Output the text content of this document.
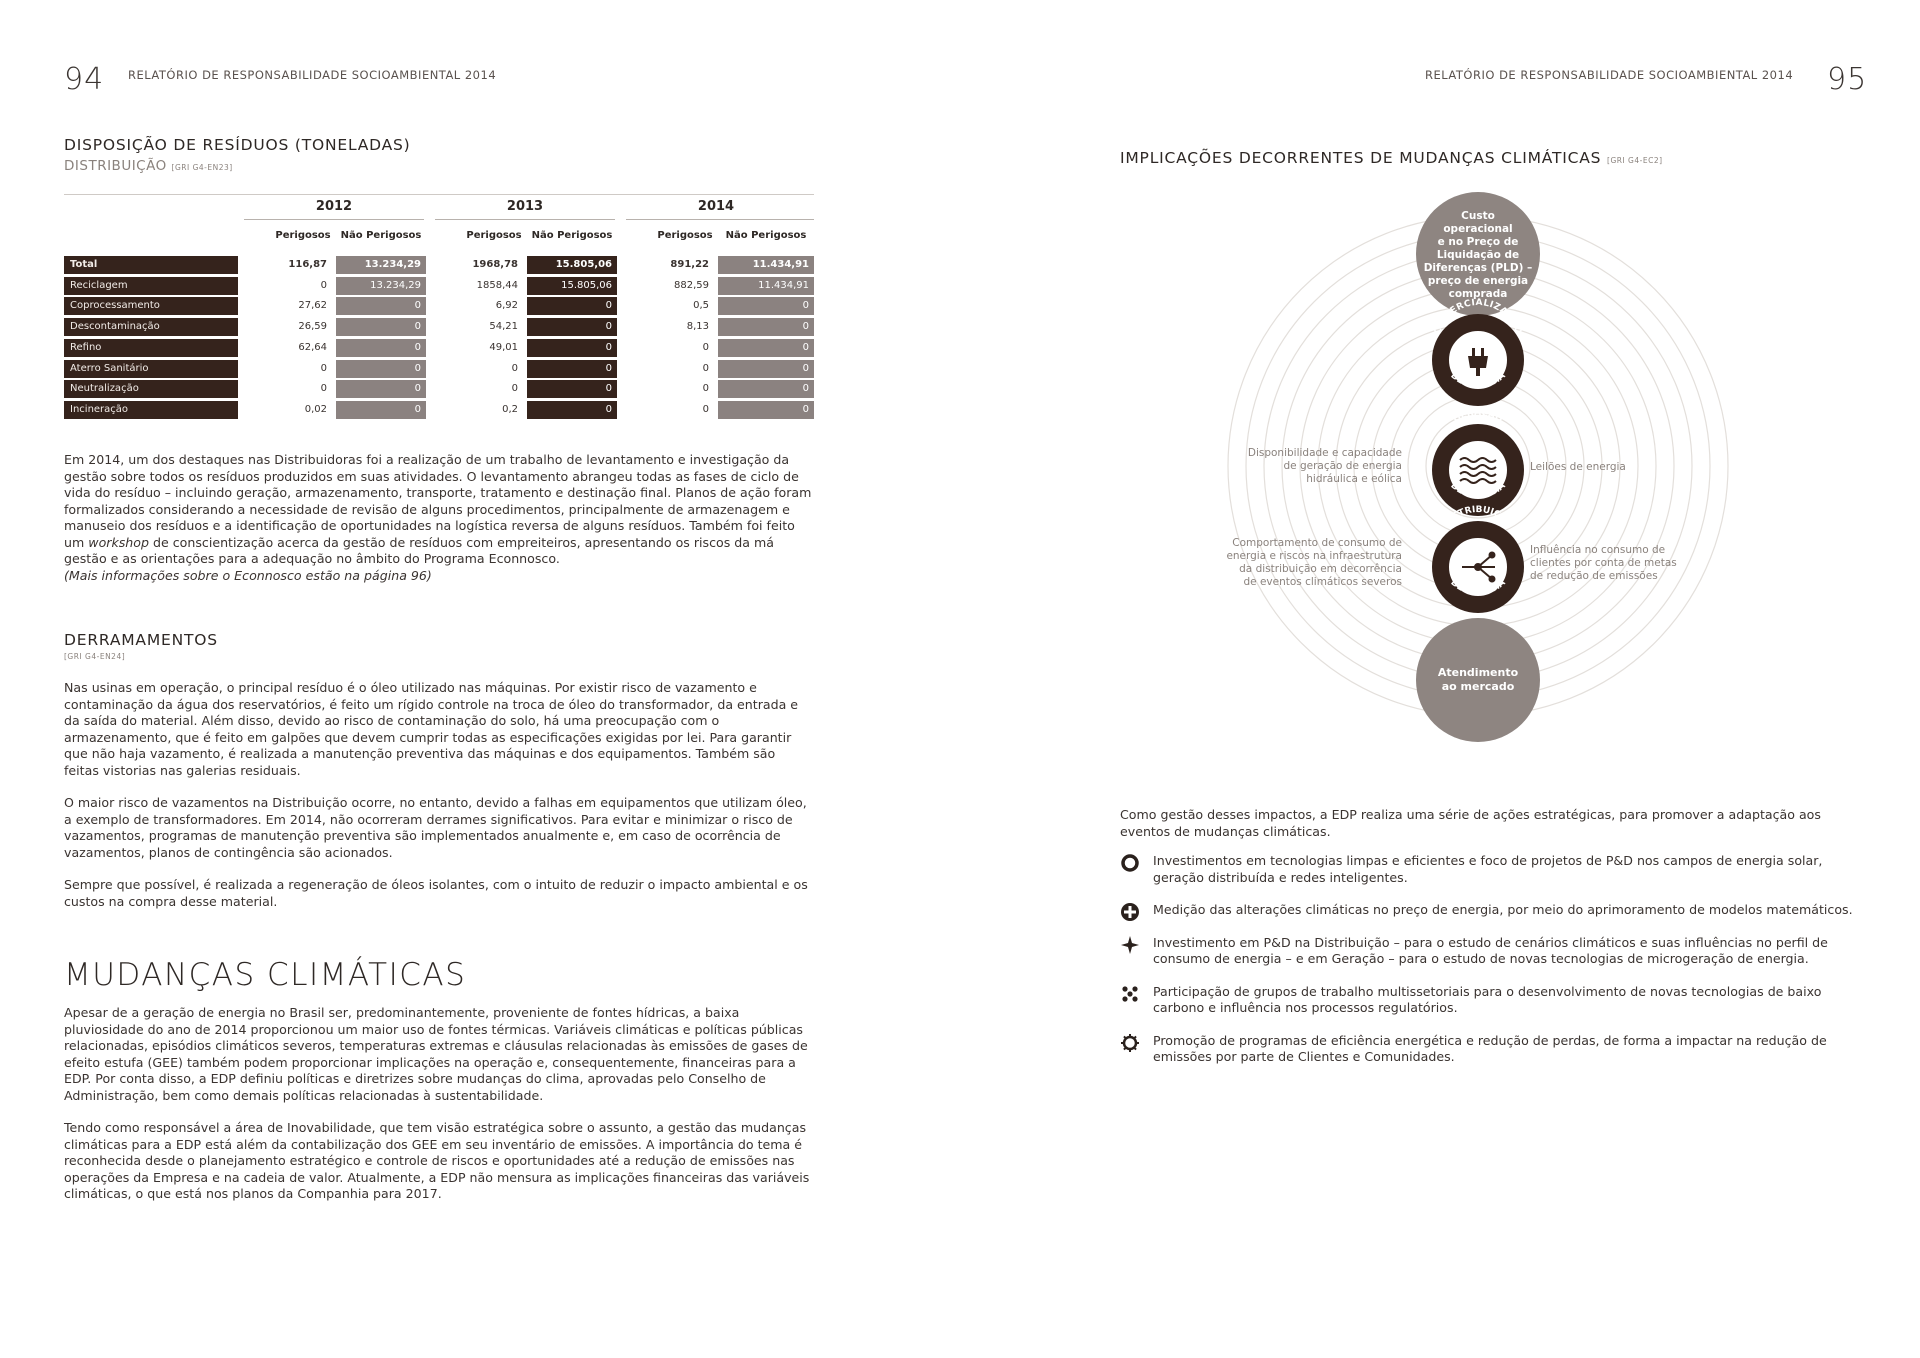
94 RELATÓRIO DE RESPONSABILIDADE SOCIOAMBIENTAL 2014	RELATÓRIO DE RESPONSABILIDADE SOCIOAMBIENTAL 2014 95
DISPOSIÇÃO DE RESÍDUOS (TONELADAS)
DISTRIBUIÇÃO [GRI G4-EN23]
2012	2013	2014
Perigosos Não Perigosos	Perigosos Não Perigosos	Perigosos	Não Perigosos
Total	116,87	13.234,29	1968,78	15.805,06	891,22	11.434,91
Reciclagem	0	13.234,29	1858,44	15.805,06	882,59	11.434,91
Coprocessamento	27,62	0	6,92	0	0,5	0
Descontaminação	26,59	0	54,21	0	8,13	0
Refino	62,64	0	49,01	0	0	0
Aterro Sanitário	0	0	0	0	0	0
Neutralização	0	0	0	0	0	0
Incineração	0,02	0	0,2	0	0	0

Em 2014, um dos destaques nas Distribuidoras foi a realização de um trabalho de levantamento e investigação da gestão sobre todos os resíduos produzidos em suas atividades. O levantamento abrangeu todas as fases de ciclo de vida do resíduo – incluindo geração, armazenamento, transporte, tratamento e destinação final. Planos de ação foram formalizados considerando a necessidade de revisão de alguns procedimentos, principalmente de armazenagem e manuseio dos resíduos e a identificação de oportunidades na logística reversa de alguns resíduos. Também foi feito um workshop de conscientização acerca da gestão de resíduos com empreiteiros, apresentando os riscos da má gestão e as orientações para a adequação no âmbito do Programa Econnosco.
(Mais informações sobre o Econnosco estão na página 96)

DERRAMAMENTOS
[GRI G4-EN24]

Nas usinas em operação, o principal resíduo é o óleo utilizado nas máquinas. Por existir risco de vazamento e contaminação da água dos reservatórios, é feito um rígido controle na troca de óleo do transformador, da entrada e da saída do material. Além disso, devido ao risco de contaminação do solo, há uma preocupação com o armazenamento, que é feito em galpões que devem cumprir todas as especificações exigidas por lei. Para garantir que não haja vazamento, é realizada a manutenção preventiva das máquinas e dos equipamentos. Também são feitas vistorias nas galerias residuais.

O maior risco de vazamentos na Distribuição ocorre, no entanto, devido a falhas em equipamentos que utilizam óleo, a exemplo de transformadores. Em 2014, não ocorreram derrames significativos. Para evitar e minimizar o risco de vazamentos, programas de manutenção preventiva são implementados anualmente e, em caso de ocorrência de vazamentos, planos de contingência são acionados.

Sempre que possível, é realizada a regeneração de óleos isolantes, com o intuito de reduzir o impacto ambiental e os custos na compra desse material.

MUDANÇAS CLIMÁTICAS

Apesar de a geração de energia no Brasil ser, predominantemente, proveniente de fontes hídricas, a baixa pluviosidade do ano de 2014 proporcionou um maior uso de fontes térmicas. Variáveis climáticas e políticas públicas relacionadas, episódios climáticos severos, temperaturas extremas e cláusulas relacionadas às emissões de gases de efeito estufa (GEE) também podem proporcionar implicações na operação e, consequentemente, financeiras para a EDP. Por conta disso, a EDP definiu políticas e diretrizes sobre mudanças do clima, aprovadas pelo Conselho de Administração, bem como demais políticas relacionadas à sustentabilidade.

Tendo como responsável a área de Inovabilidade, que tem visão estratégica sobre o assunto, a gestão das mudanças climáticas para a EDP está além da contabilização dos GEE em seu inventário de emissões. A importância do tema é reconhecida desde o planejamento estratégico e controle de riscos e oportunidades até a redução de emissões nas operações da Empresa e na cadeia de valor. Atualmente, a EDP não mensura as implicações financeiras das variáveis climáticas, o que está nos planos da Companhia para 2017.

IMPLICAÇÕES DECORRENTES DE MUDANÇAS CLIMÁTICAS [GRI G4-EC2]
Custo
operacional
e no Preço de
Liquidação de
Diferenças (PLD) –
preço de energia
comprada
COMERCIALIZAÇÃO
DE ENERGIA
GERAÇÃO
DE ENERGIA
DISTRIBUIÇÃO
DE ENERGIA
Atendimento
ao mercado
Disponibilidade e capacidade
de geração de energia
hidráulica e eólica
Leilões de energia
Comportamento de consumo de
energia e riscos na infraestrutura
da distribuição em decorrência
de eventos climáticos severos
Influência no consumo de
clientes por conta de metas
de redução de emissões
Como gestão desses impactos, a EDP realiza uma série de ações estratégicas, para promover a adaptação aos eventos de mudanças climáticas.
Investimentos em tecnologias limpas e eficientes e foco de projetos de P&D nos campos de energia solar, geração distribuída e redes inteligentes.
Medição das alterações climáticas no preço de energia, por meio do aprimoramento de modelos matemáticos.
Investimento em P&D na Distribuição – para o estudo de cenários climáticos e suas influências no perfil de consumo de energia – e em Geração – para o estudo de novas tecnologias de microgeração de energia.
Participação de grupos de trabalho multissetoriais para o desenvolvimento de novas tecnologias de baixo carbono e influência nos processos regulatórios.
Promoção de programas de eficiência energética e redução de perdas, de forma a impactar na redução de emissões por parte de Clientes e Comunidades.
